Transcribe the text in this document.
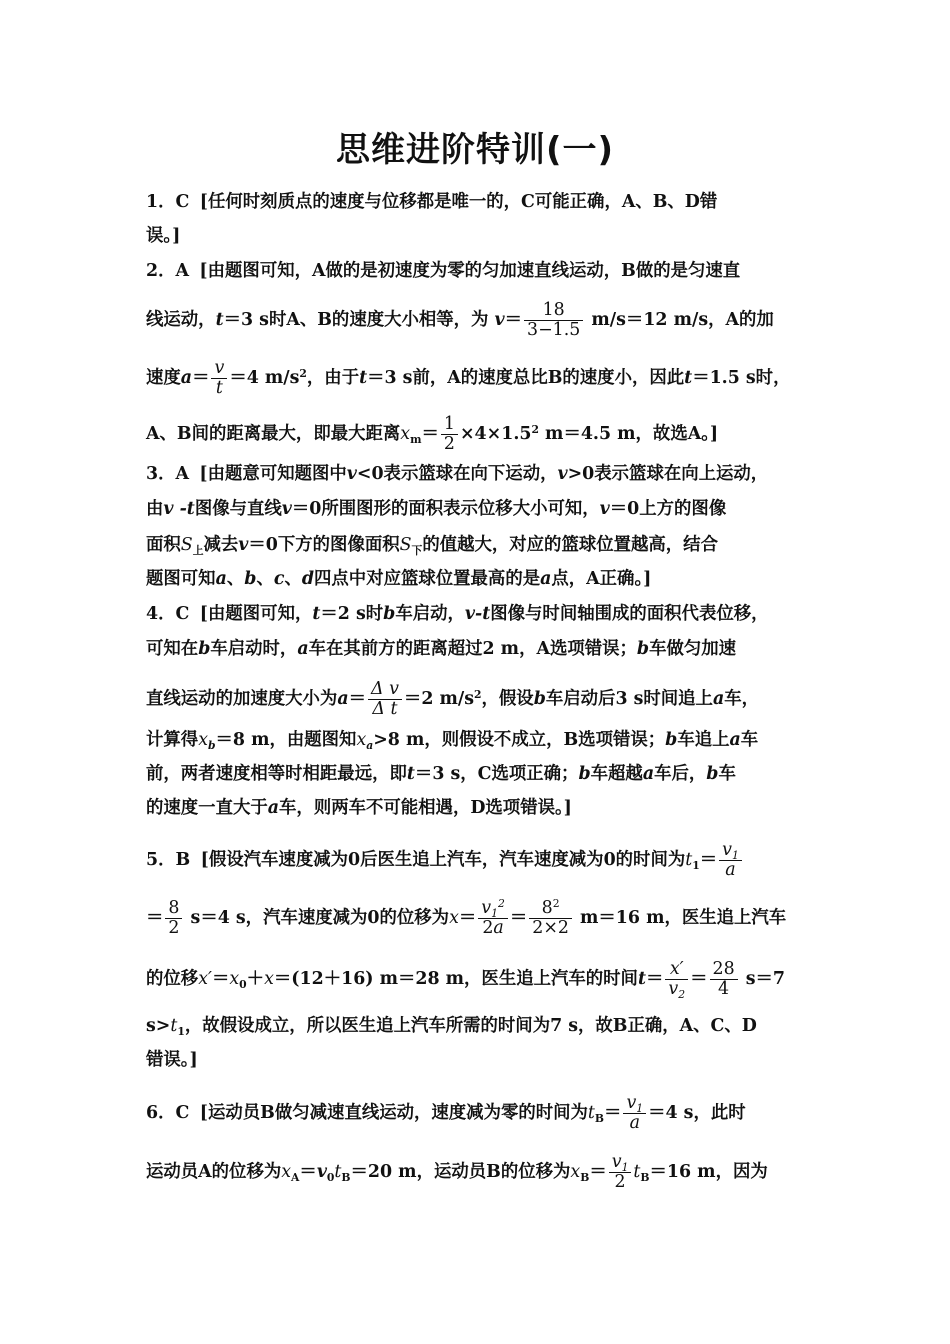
思维进阶特训(一)
1．C [任何时刻质点的速度与位移都是唯一的，C可能正确，A、B、D错
误。]
2．A [由题图可知，A做的是初速度为零的匀加速直线运动，B做的是匀速直
线运动，t＝3 s时A、B的速度大小相等，为 $v= \frac{18}{3-1.5} m/s=12$ m/s，A的加
速度$a= \frac{v}{t} =4$ $m/s^2$，由于t＝3 s前，A的速度总比B的速度小，因此t＝1.5 s时，
A、B间的距离最大，即最大距离$x_m= \frac{1}{2} \times 4\times 1.5^2$ m＝4.5 m，故选A。]
3．A [由题意可知题图中v<0表示篮球在向下运动，v>0表示篮球在向上运动，
由v -t图像与直线v＝0所围图形的面积表示位移大小可知，v＝0上方的图像
面积$S_上$减去v＝0下方的图像面积$S_下$的值越大，对应的篮球位置越高，结合
题图可知a、b、c、d四点中对应篮球位置最高的是a点，A正确。]
4．C [由题图可知，t＝2 s时b车启动，v-t图像与时间轴围成的面积代表位移，
可知在b车启动时，a车在其前方的距离超过2 m，A选项错误；b车做匀加速
直线运动的加速度大小为$a= \frac{\text{Δ v}}{\text{Δ t}} =2$ $m/s^2$，假设b车启动后3 s时间追上a车，
计算得$x_b=8$ m，由题图知$x_a>8$ m，则假设不成立，B选项错误；b车追上a车
前，两者速度相等时相距最远，即t＝3 s，C选项正确；b车超越a车后，b车
的速度一直大于a车，则两车不可能相遇，D选项错误。]
5．B [假设汽车速度减为0后医生追上汽车，汽车速度减为0的时间为$t_1= \frac{v_1}{a}$
＝ $\frac{8}{2} s=4$ s，汽车速度减为0的位移为$x= \frac{v_1^2}{2a} = \frac{8^2}{2\times 2} m=16$ m，医生追上汽车
的位移$x'=x_0+x=(12+16)$ m＝28 m，医生追上汽车的时间$t= \frac{x'}{v_2} = \frac{28}{4} s=7$
$s>t_1$，故假设成立，所以医生追上汽车所需的时间为7 s，故B正确，A、C、D
错误。]
6．C [运动员B做匀减速直线运动，速度减为零的时间为$t_B= \frac{v_1}{a} =4$ s，此时
运动员A的位移为$x_A=v_0t_B=20$ m，运动员B的位移为$x_B= \frac{v_1}{2} t_B=16$ m，因为
